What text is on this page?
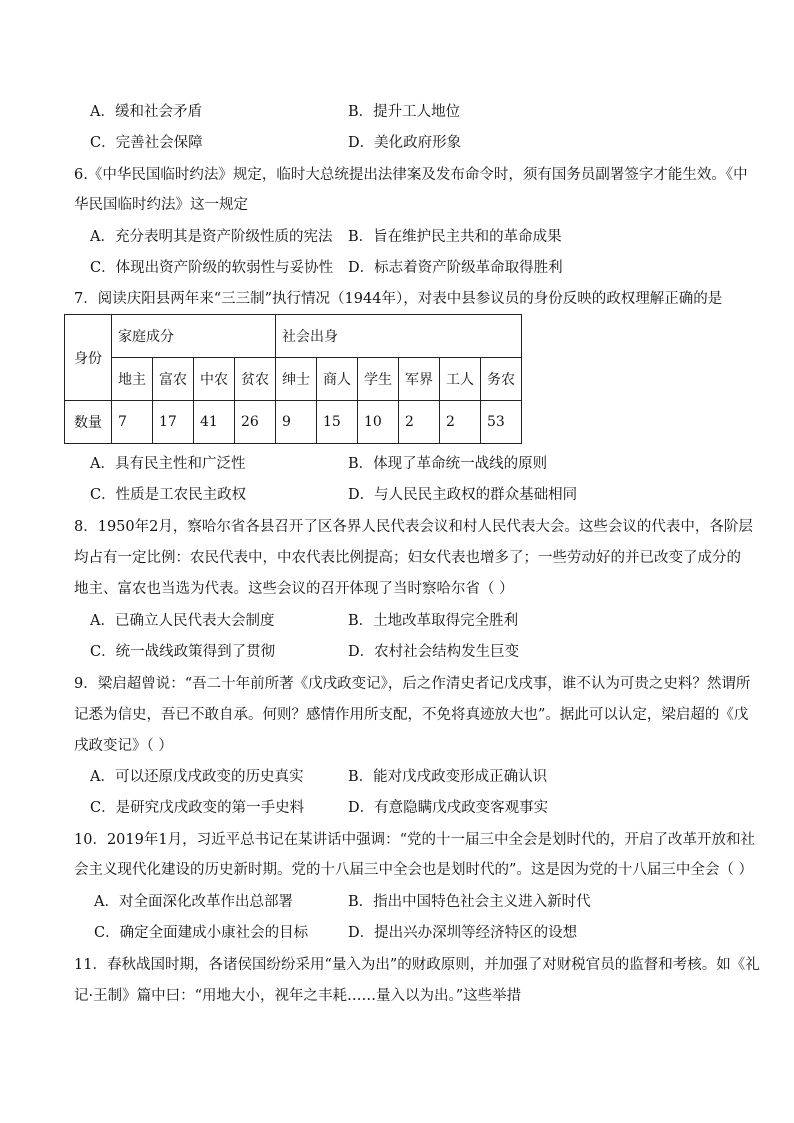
A．缓和社会矛盾	B．提升工人地位
C．完善社会保障	D．美化政府形象
6.《中华民国临时约法》规定，临时大总统提出法律案及发布命令时，须有国务员副署签字才能生效。《中
华民国临时约法》这一规定
A．充分表明其是资产阶级性质的宪法 B．旨在维护民主共和的革命成果
C．体现出资产阶级的软弱性与妥协性 D．标志着资产阶级革命取得胜利
7．阅读庆阳县两年来“三三制”执行情况（1944年），对表中县参议员的身份反映的政权理解正确的是
身份	家庭成分				社会出身					
	地主	富农	中农	贫农	绅士	商人	学生	军界	工人	务农
数量	7	17	41	26	9	15	10	2	2	53
A．具有民主性和广泛性	B．体现了革命统一战线的原则
C．性质是工农民主政权	D．与人民民主政权的群众基础相同
8．1950年2月，察哈尔省各县召开了区各界人民代表会议和村人民代表大会。这些会议的代表中，各阶层
均占有一定比例：农民代表中，中农代表比例提高；妇女代表也增多了；一些劳动好的并已改变了成分的
地主、富农也当选为代表。这些会议的召开体现了当时察哈尔省（ ）
A．已确立人民代表大会制度	B．土地改革取得完全胜利
C．统一战线政策得到了贯彻	D．农村社会结构发生巨变
9．梁启超曾说：“吾二十年前所著《戊戌政变记》，后之作清史者记戊戌事，谁不认为可贵之史料？然谓所
记悉为信史，吾已不敢自承。何则？感情作用所支配，不免将真迹放大也”。据此可以认定，梁启超的《戊
戌政变记》（ ）
A．可以还原戊戌政变的历史真实	B．能对戊戌政变形成正确认识
C．是研究戊戌政变的第一手史料	D．有意隐瞒戊戌政变客观事实
10．2019年1月，习近平总书记在某讲话中强调：“党的十一届三中全会是划时代的，开启了改革开放和社
会主义现代化建设的历史新时期。党的十八届三中全会也是划时代的”。这是因为党的十八届三中全会（ ）
A．对全面深化改革作出总部署	B．指出中国特色社会主义进入新时代
C．确定全面建成小康社会的目标	D．提出兴办深圳等经济特区的设想
11．春秋战国时期，各诸侯国纷纷采用“量入为出”的财政原则，并加强了对财税官员的监督和考核。如《礼
记·王制》篇中曰：“用地大小，视年之丰耗……量入以为出。”这些举措
